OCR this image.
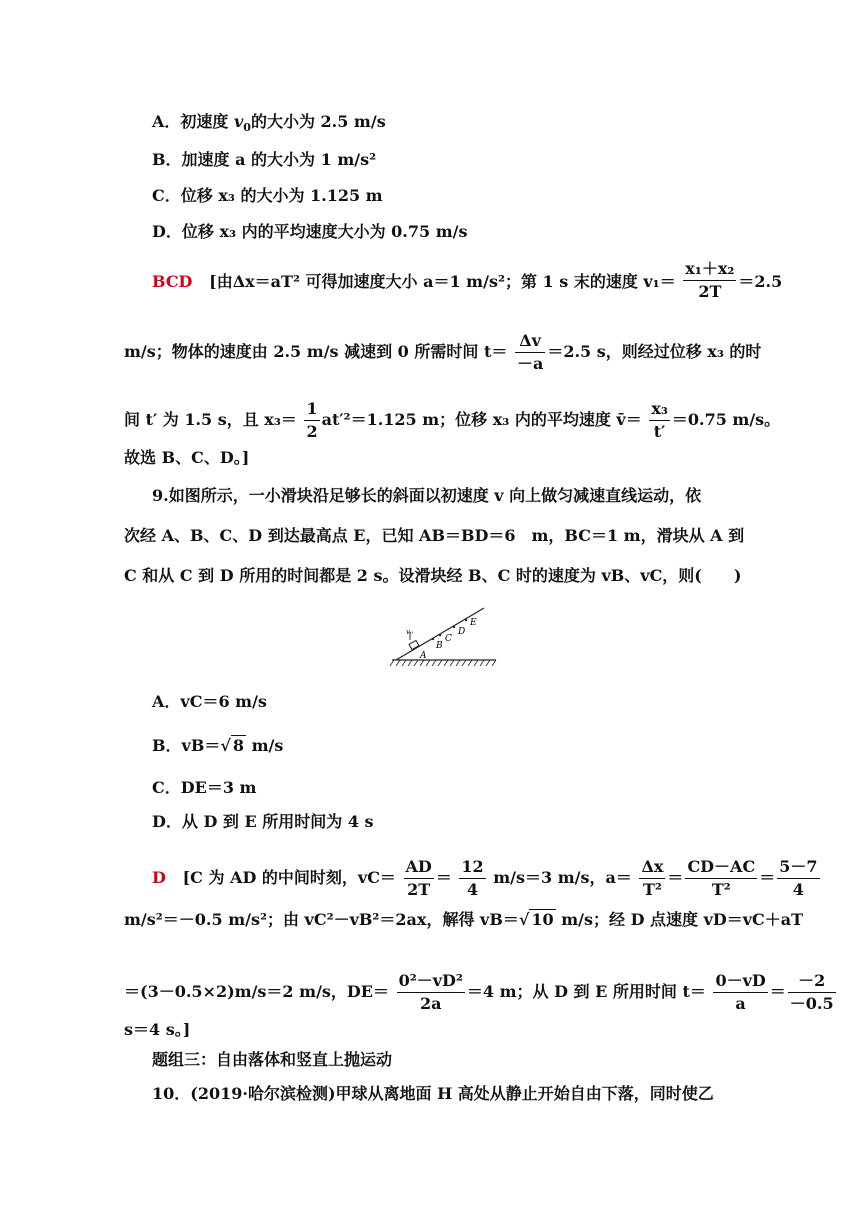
A．初速度 $v_0$的大小为 2.5 m/s
B．加速度 a 的大小为 1 m/s²
C．位移 x₃ 的大小为 1.125 m
D．位移 x₃ 内的平均速度大小为 0.75 m/s
BCD [由Δx＝aT² 可得加速度大小 a＝1 m/s²；第 1 s 末的速度 $v_1= \frac{\text{x₁＋x₂}}{2T} =2.5$
m/s；物体的速度由 2.5 m/s 减速到 0 所需时间 $t= \frac{\Delta v}{-a} =2.5$ s，则经过位移 x₃ 的时
间 t′ 为 1.5 s，且 $x_3= \frac{1}{2} at'^2=1.125$ m；位移 x₃ 内的平均速度 v̄＝ $\frac{\text{x₃}}{t'} =0.75$ m/s。
故选 B、C、D。]
9.如图所示，一小滑块沿足够长的斜面以初速度 v 向上做匀减速直线运动，依
次经 A、B、C、D 到达最高点 E，已知 AB＝BD＝6　m，BC＝1 m，滑块从 A 到
C 和从 C 到 D 所用的时间都是 2 s。设滑块经 B、C 时的速度为 vB、vC，则(　　)
v₀
A
B
C
D
E
A．vC＝6 m/s
B．vB＝√ 8 m/s
C．DE＝3 m
D．从 D 到 E 所用时间为 4 s
D [C 为 AD 的中间时刻，$vC= \frac{AD}{2T} = \frac{12}{4} m/s=3$ m/s，$a= \frac{\Delta x}{\text{T²}} = \frac{CD-AC}{\text{T²}} = \frac{5-7}{4}$
m/s²＝－0.5 m/s²；由 vC²－vB²＝2ax，解得 vB＝√ 10 m/s；经 D 点速度 vD＝vC＋aT
＝(3－0.5×2)m/s＝2 m/s，$DE= \frac{\text{0²－vD²}}{2a} =4$ m；从 D 到 E 所用时间 $t= \frac{0-vD}{a} = \frac{-2}{-0.5}$
s＝4 s。]
题组三：自由落体和竖直上抛运动
10．(2019·哈尔滨检测)甲球从离地面 H 高处从静止开始自由下落，同时使乙
